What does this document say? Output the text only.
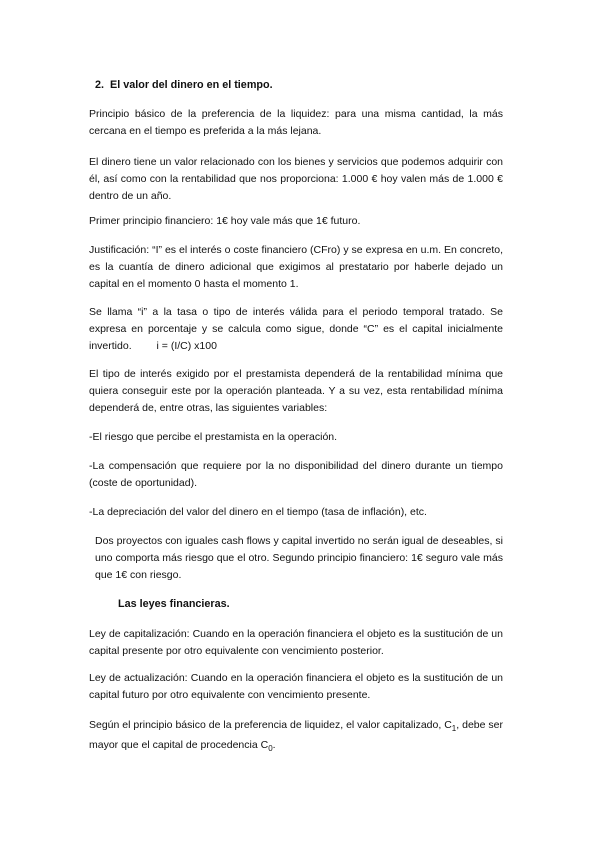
2. El valor del dinero en el tiempo.
Principio básico de la preferencia de la liquidez: para una misma cantidad, la más cercana en el tiempo es preferida a la más lejana.
El dinero tiene un valor relacionado con los bienes y servicios que podemos adquirir con él, así como con la rentabilidad que nos proporciona: 1.000 € hoy valen más de 1.000 € dentro de un año.
Primer principio financiero: 1€ hoy vale más que 1€ futuro.
Justificación: “I” es el interés o coste financiero (CFro) y se expresa en u.m. En concreto, es la cuantía de dinero adicional que exigimos al prestatario por haberle dejado un capital en el momento 0 hasta el momento 1.
Se llama “i” a la tasa o tipo de interés válida para el periodo temporal tratado. Se expresa en porcentaje y se calcula como sigue, donde “C” es el capital inicialmente invertido. i = (I/C) x100
El tipo de interés exigido por el prestamista dependerá de la rentabilidad mínima que quiera conseguir este por la operación planteada. Y a su vez, esta rentabilidad mínima dependerá de, entre otras, las siguientes variables:
-El riesgo que percibe el prestamista en la operación.
-La compensación que requiere por la no disponibilidad del dinero durante un tiempo (coste de oportunidad).
-La depreciación del valor del dinero en el tiempo (tasa de inflación), etc.
Dos proyectos con iguales cash flows y capital invertido no serán igual de deseables, si uno comporta más riesgo que el otro. Segundo principio financiero: 1€ seguro vale más que 1€ con riesgo.
Las leyes financieras.
Ley de capitalización: Cuando en la operación financiera el objeto es la sustitución de un capital presente por otro equivalente con vencimiento posterior.
Ley de actualización: Cuando en la operación financiera el objeto es la sustitución de un capital futuro por otro equivalente con vencimiento presente.
Según el principio básico de la preferencia de liquidez, el valor capitalizado, $C_1$, debe ser mayor que el capital de procedencia $C_0$.
